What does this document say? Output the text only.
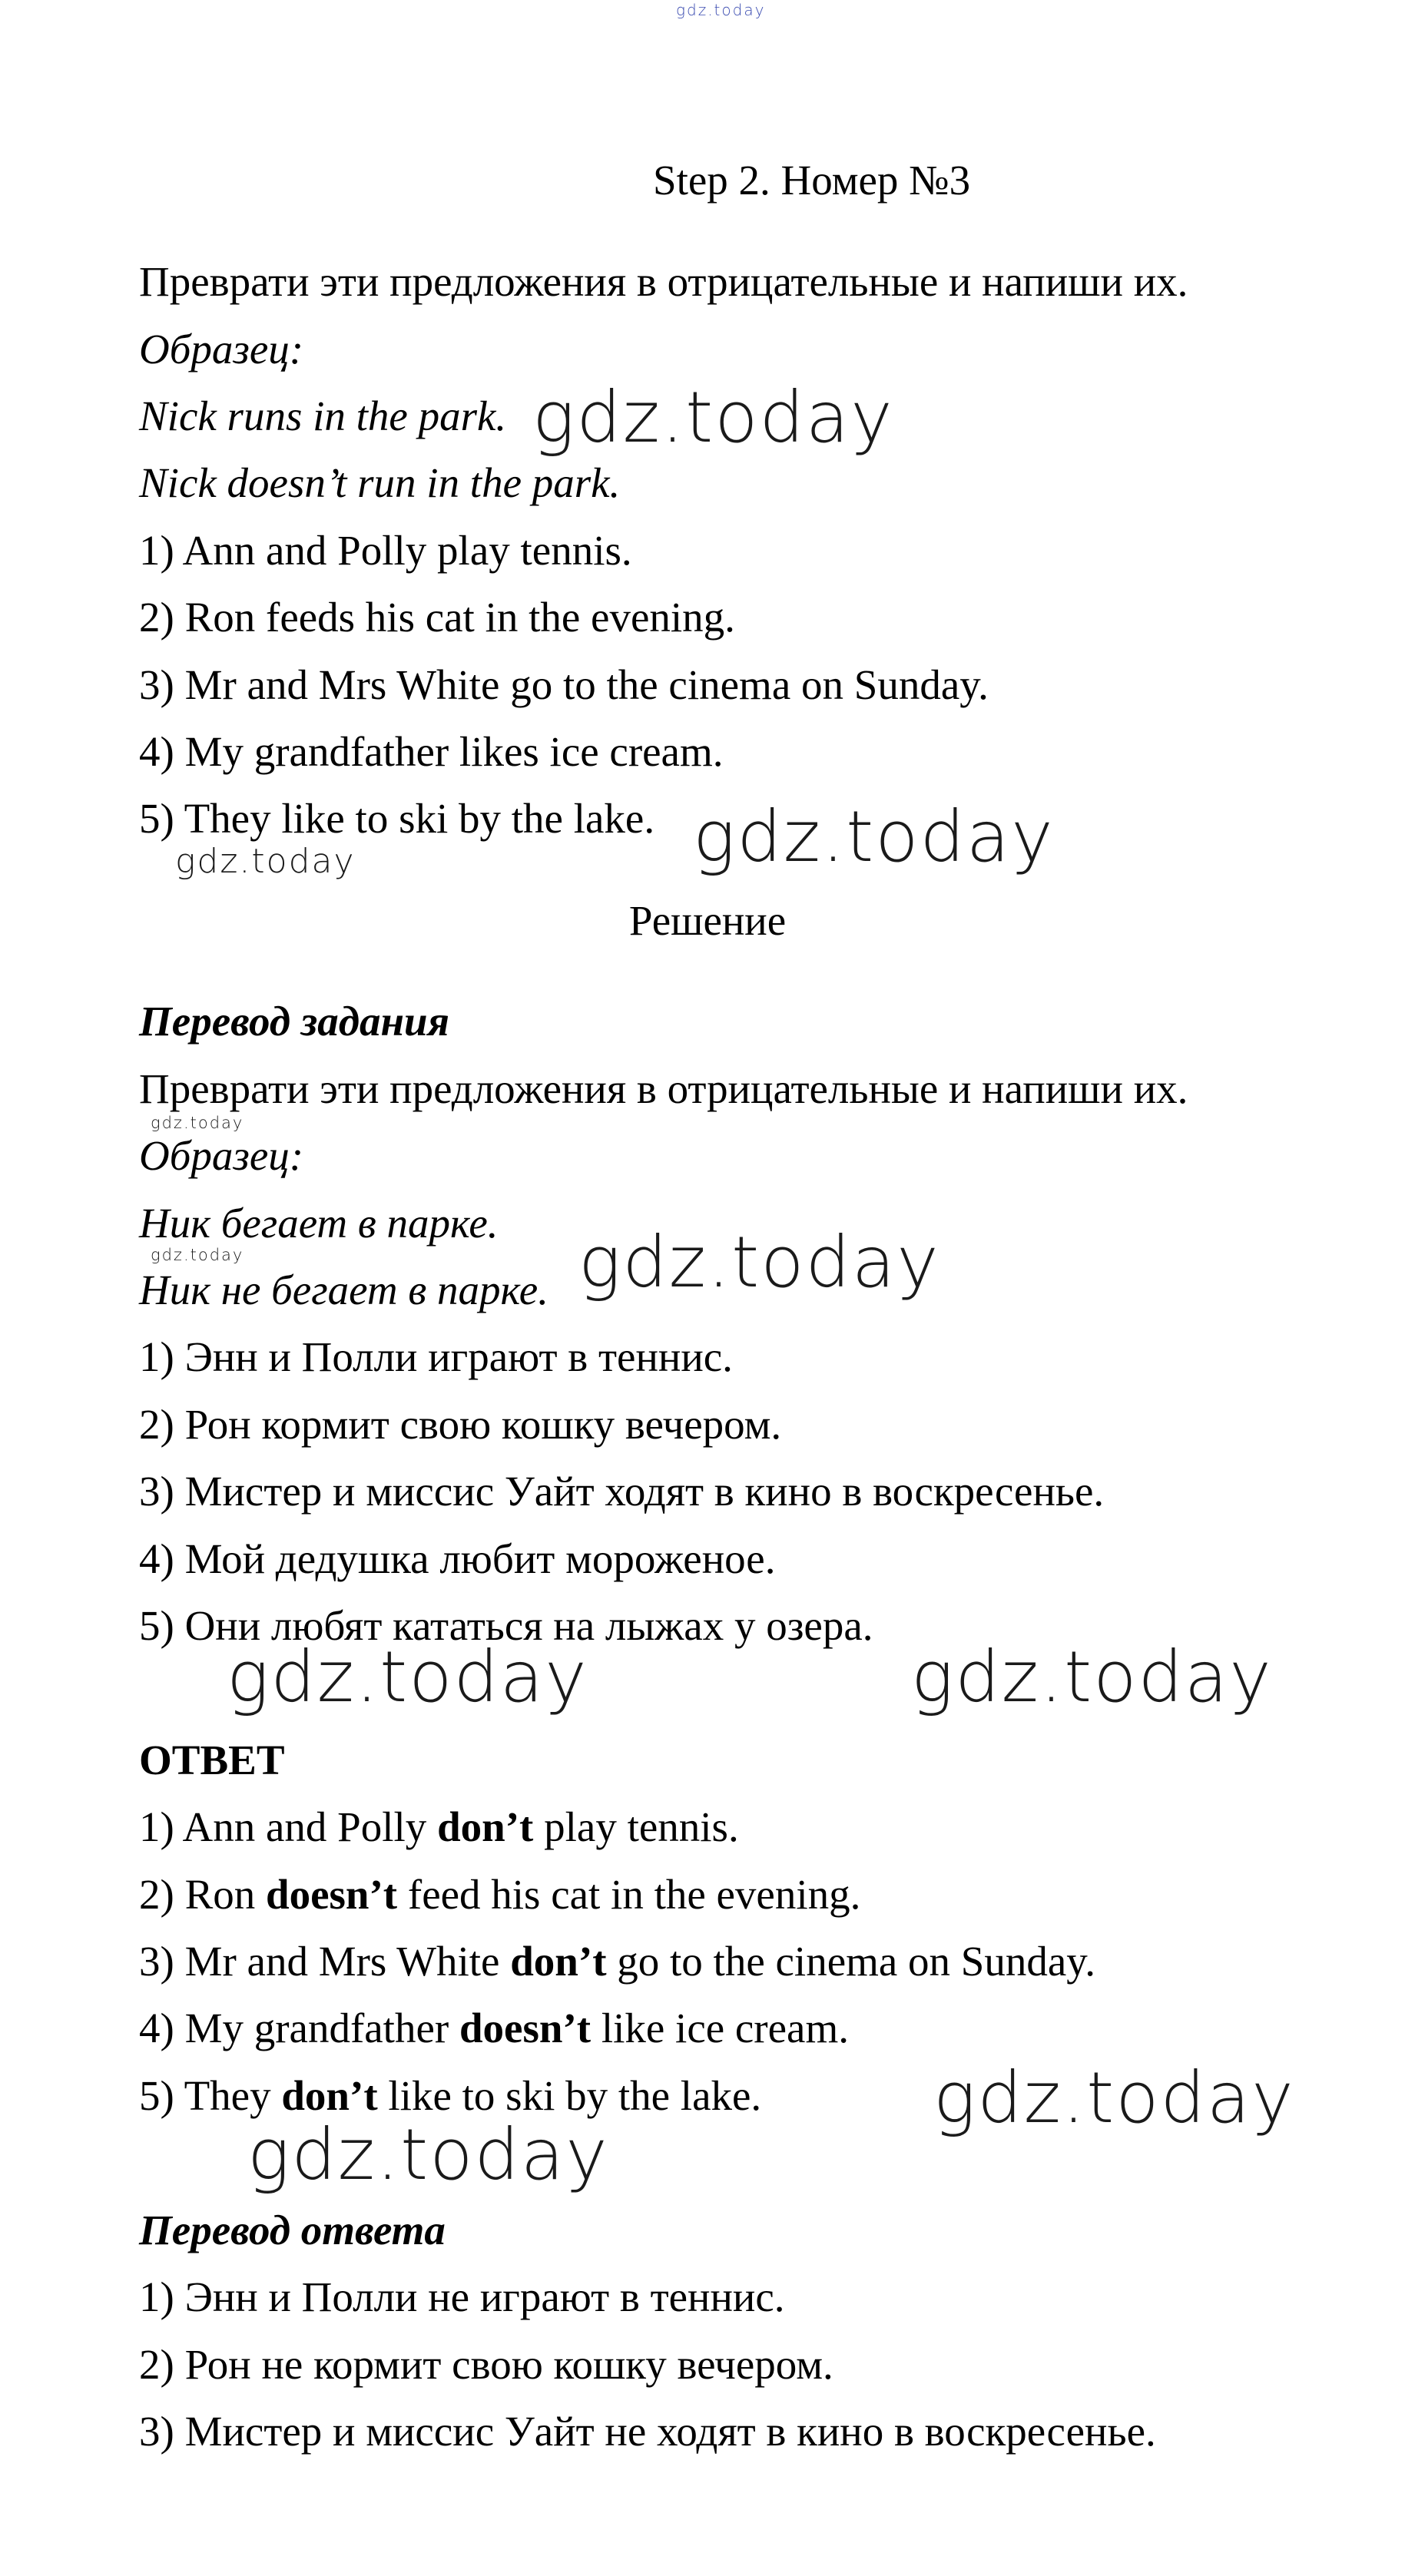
gdz.today

Step 2. Номер №3

Преврати эти предложения в отрицательные и напиши их.

Образец:

Nick runs in the park.

Nick doesn’t run in the park.

1) Ann and Polly play tennis.

2) Ron feeds his cat in the evening.

3) Mr and Mrs White go to the cinema on Sunday.

4) My grandfather likes ice cream.

5) They like to ski by the lake.

Решение

Перевод задания

Преврати эти предложения в отрицательные и напиши их.

Образец:

Ник бегает в парке.

Ник не бегает в парке.

1) Энн и Полли играют в теннис.

2) Рон кормит свою кошку вечером.

3) Мистер и миссис Уайт ходят в кино в воскресенье.

4) Мой дедушка любит мороженое.

5) Они любят кататься на лыжах у озера.

ОТВЕТ

1) Ann and Polly don’t play tennis.

2) Ron doesn’t feed his cat in the evening.

3) Mr and Mrs White don’t go to the cinema on Sunday.

4) My grandfather doesn’t like ice cream.

5) They don’t like to ski by the lake.

Перевод ответа

1) Энн и Полли не играют в теннис.

2) Рон не кормит свою кошку вечером.

3) Мистер и миссис Уайт не ходят в кино в воскресенье.

gdz.today

gdz.today

gdz.today

gdz.today

gdz.today	gdz.today

gdz.today	gdz.today

gdz.today

gdz.today
